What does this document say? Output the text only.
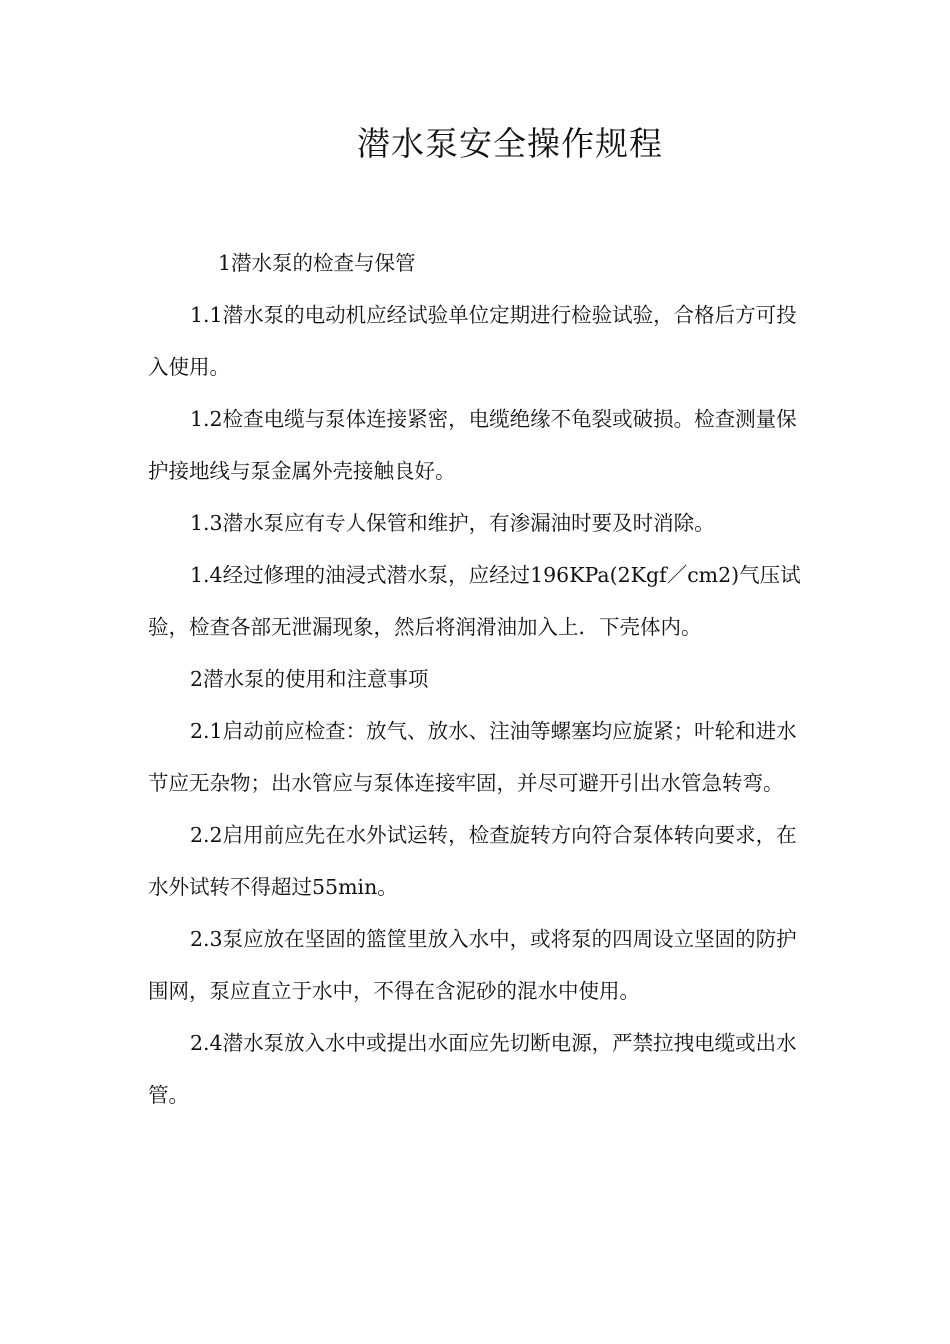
潜水泵安全操作规程

1潜水泵的检查与保管

1.1潜水泵的电动机应经试验单位定期进行检验试验，合格后方可投入使用。

1.2检查电缆与泵体连接紧密，电缆绝缘不龟裂或破损。检查测量保护接地线与泵金属外壳接触良好。

1.3潜水泵应有专人保管和维护，有渗漏油时要及时消除。

1.4经过修理的油浸式潜水泵，应经过196KPa(2Kgf／cm2)气压试验，检查各部无泄漏现象，然后将润滑油加入上．下壳体内。

2潜水泵的使用和注意事项

2.1启动前应检查：放气、放水、注油等螺塞均应旋紧；叶轮和进水节应无杂物；出水管应与泵体连接牢固，并尽可避开引出水管急转弯。

2.2启用前应先在水外试运转，检查旋转方向符合泵体转向要求，在水外试转不得超过55min。

2.3泵应放在坚固的篮筐里放入水中，或将泵的四周设立坚固的防护围网，泵应直立于水中，不得在含泥砂的混水中使用。

2.4潜水泵放入水中或提出水面应先切断电源，严禁拉拽电缆或出水管。
